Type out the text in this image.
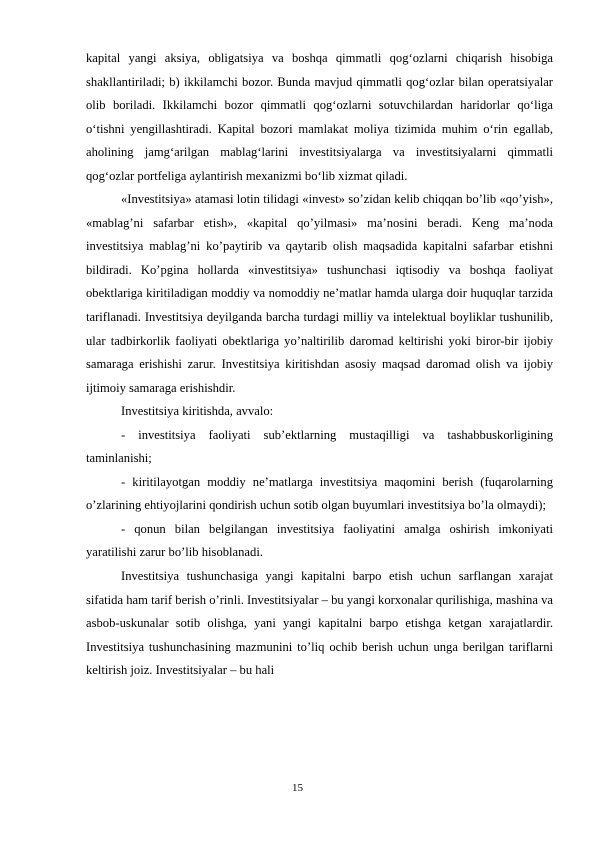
kapital yangi aksiya, obligatsiya va boshqa qimmatli qog‘ozlarni chiqarish hisobiga shakllantiriladi; b) ikkilamchi bozor. Bunda mavjud qimmatli qog‘ozlar bilan operatsiyalar olib boriladi. Ikkilamchi bozor qimmatli qog‘ozlarni sotuvchilardan haridorlar qo‘liga o‘tishni yengillashtiradi. Kapital bozori mamlakat moliya tizimida muhim o‘rin egallab, aholining jamg‘arilgan mablag‘larini investitsiyalarga va investitsiyalarni qimmatli qog‘ozlar portfeliga aylantirish mexanizmi bo‘lib xizmat qiladi.

«Investitsiya» atamasi lotin tilidagi «invest» so’zidan kelib chiqqan bo’lib «qo’yish», «mablag’ni safarbar etish», «kapital qo’yilmasi» ma’nosini beradi. Keng ma’noda investitsiya mablag’ni ko’paytirib va qaytarib olish maqsadida kapitalni safarbar etishni bildiradi. Ko’pgina hollarda «investitsiya» tushunchasi iqtisodiy va boshqa faoliyat obektlariga kiritiladigan moddiy va nomoddiy ne’matlar hamda ularga doir huquqlar tarzida tariflanadi. Investitsiya deyilganda barcha turdagi milliy va intelektual boyliklar tushunilib, ular tadbirkorlik faoliyati obektlariga yo’naltirilib daromad keltirishi yoki biror-bir ijobiy samaraga erishishi zarur. Investitsiya kiritishdan asosiy maqsad daromad olish va ijobiy ijtimoiy samaraga erishishdir.

Investitsiya kiritishda, avvalo:

- investitsiya faoliyati sub’ektlarning mustaqilligi va tashabbuskorligining taminlanishi;

- kiritilayotgan moddiy ne’matlarga investitsiya maqomini berish (fuqarolarning o’zlarining ehtiyojlarini qondirish uchun sotib olgan buyumlari investitsiya bo’la olmaydi);

- qonun bilan belgilangan investitsiya faoliyatini amalga oshirish imkoniyati yaratilishi zarur bo’lib hisoblanadi.

Investitsiya tushunchasiga yangi kapitalni barpo etish uchun sarflangan xarajat sifatida ham tarif berish o’rinli. Investitsiyalar – bu yangi korxonalar qurilishiga, mashina va asbob-uskunalar sotib olishga, yani yangi kapitalni barpo etishga ketgan xarajatlardir. Investitsiya tushunchasining mazmunini to’liq ochib berish uchun unga berilgan tariflarni keltirish joiz. Investitsiyalar – bu hali

15
